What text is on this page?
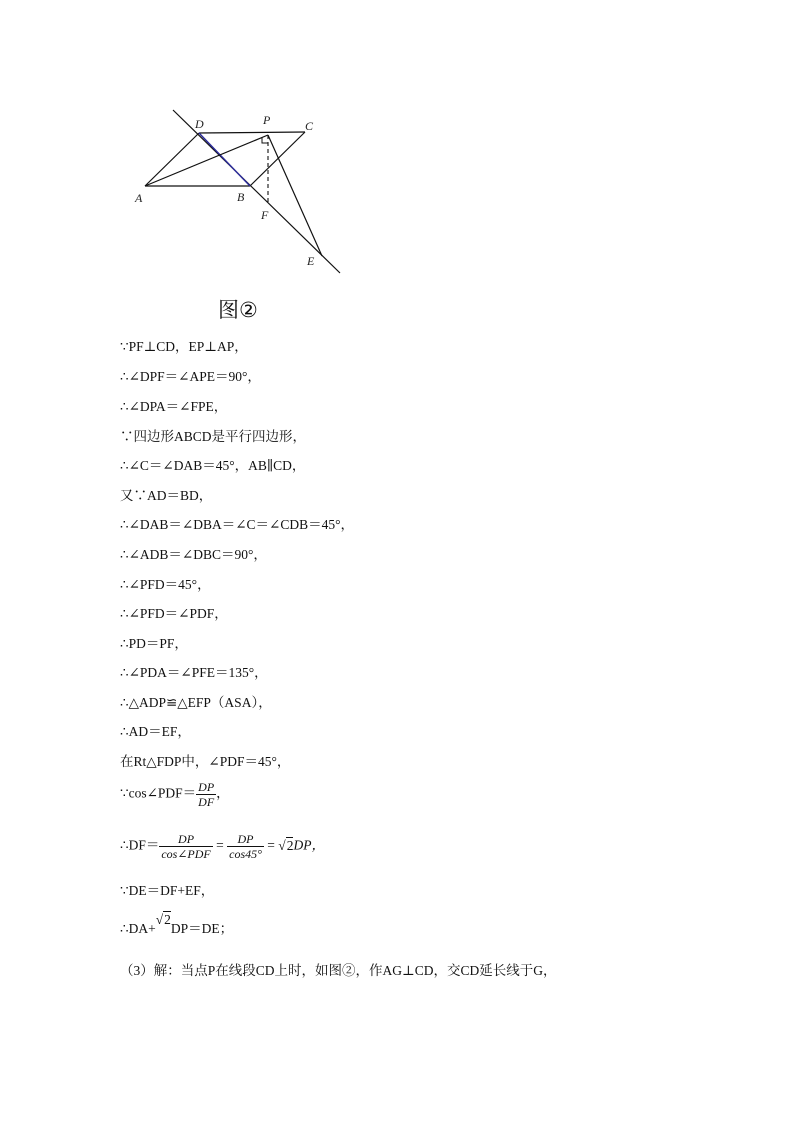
D	P	C
A	B
F
E
图②
∵PF⊥CD，EP⊥AP，
∴∠DPF＝∠APE＝90°，
∴∠DPA＝∠FPE，
∵四边形ABCD是平行四边形，
∴∠C＝∠DAB＝45°，AB∥CD，
又∵AD＝BD，
∴∠DAB＝∠DBA＝∠C＝∠CDB＝45°，
∴∠ADB＝∠DBC＝90°，
∴∠PFD＝45°，
∴∠PFD＝∠PDF，
∴PD＝PF，
∴∠PDA＝∠PFE＝135°，
∴△ADP≌△EFP（ASA），
∴AD＝EF，
在Rt△FDP中，∠PDF＝45°，
∵cos∠PDF＝ $\frac{DP}{DF}$ ，
∴DF＝ $\frac{DP}{\text{cos∠PDF}} = \frac{DP}{\cos 45^\circ} = √2DP$，
∵DE＝DF+EF，
∴DA+√2DP＝DE；
（3）解：当点P在线段CD上时，如图②，作AG⊥CD，交CD延长线于G，
